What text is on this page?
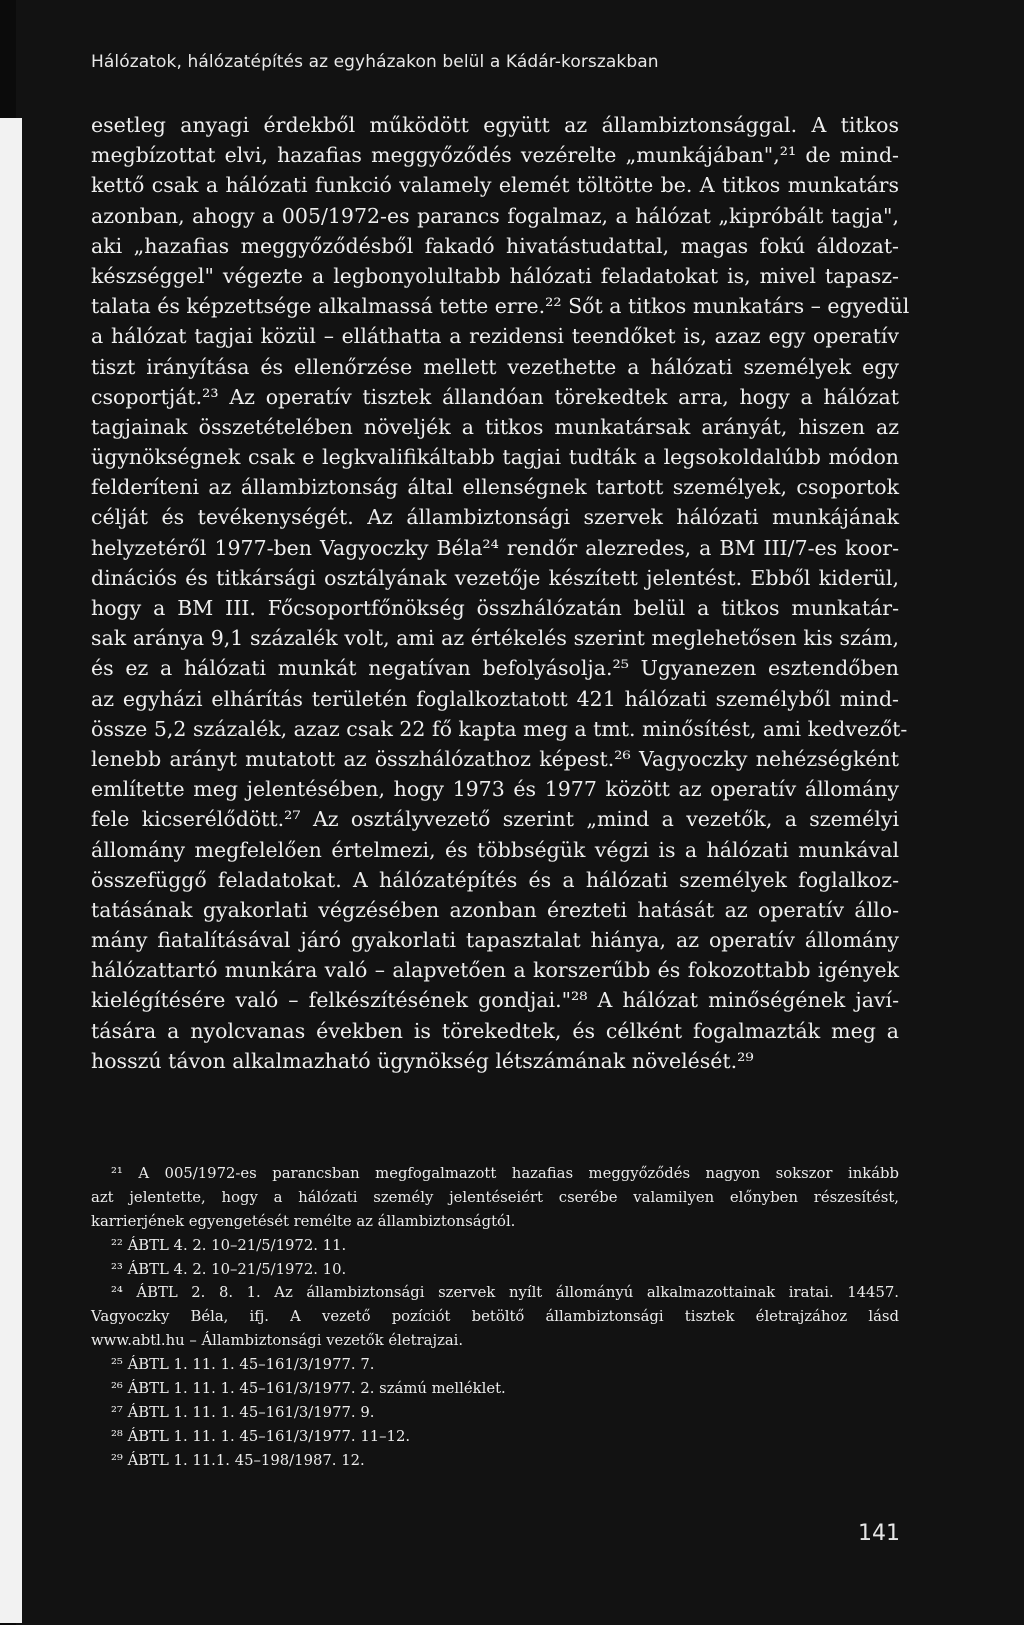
Hálózatok, hálózatépítés az egyházakon belül a Kádár-korszakban
esetleg anyagi érdekből működött együtt az állambiztonsággal. A titkos
megbízottat elvi, hazafias meggyőződés vezérelte „munkájában",²¹ de mind-
kettő csak a hálózati funkció valamely elemét töltötte be. A titkos munkatárs
azonban, ahogy a 005/1972-es parancs fogalmaz, a hálózat „kipróbált tagja",
aki „hazafias meggyőződésből fakadó hivatástudattal, magas fokú áldozat-
készséggel" végezte a legbonyolultabb hálózati feladatokat is, mivel tapasz-
talata és képzettsége alkalmassá tette erre.²² Sőt a titkos munkatárs – egyedül
a hálózat tagjai közül – elláthatta a rezidensi teendőket is, azaz egy operatív
tiszt irányítása és ellenőrzése mellett vezethette a hálózati személyek egy
csoportját.²³ Az operatív tisztek állandóan törekedtek arra, hogy a hálózat
tagjainak összetételében növeljék a titkos munkatársak arányát, hiszen az
ügynökségnek csak e legkvalifikáltabb tagjai tudták a legsokoldalúbb módon
felderíteni az állambiztonság által ellenségnek tartott személyek, csoportok
célját és tevékenységét. Az állambiztonsági szervek hálózati munkájának
helyzetéről 1977-ben Vagyoczky Béla²⁴ rendőr alezredes, a BM III/7-es koor-
dinációs és titkársági osztályának vezetője készített jelentést. Ebből kiderül,
hogy a BM III. Főcsoportfőnökség összhálózatán belül a titkos munkatár-
sak aránya 9,1 százalék volt, ami az értékelés szerint meglehetősen kis szám,
és ez a hálózati munkát negatívan befolyásolja.²⁵ Ugyanezen esztendőben
az egyházi elhárítás területén foglalkoztatott 421 hálózati személyből mind-
össze 5,2 százalék, azaz csak 22 fő kapta meg a tmt. minősítést, ami kedvezőt-
lenebb arányt mutatott az összhálózathoz képest.²⁶ Vagyoczky nehézségként
említette meg jelentésében, hogy 1973 és 1977 között az operatív állomány
fele kicserélődött.²⁷ Az osztályvezető szerint „mind a vezetők, a személyi
állomány megfelelően értelmezi, és többségük végzi is a hálózati munkával
összefüggő feladatokat. A hálózatépítés és a hálózati személyek foglalkoz-
tatásának gyakorlati végzésében azonban érezteti hatását az operatív állo-
mány fiatalításával járó gyakorlati tapasztalat hiánya, az operatív állomány
hálózattartó munkára való – alapvetően a korszerűbb és fokozottabb igények
kielégítésére való – felkészítésének gondjai."²⁸ A hálózat minőségének javí-
tására a nyolcvanas években is törekedtek, és célként fogalmazták meg a
hosszú távon alkalmazható ügynökség létszámának növelését.²⁹
²¹ A 005/1972-es parancsban megfogalmazott hazafias meggyőződés nagyon sokszor inkább
azt jelentette, hogy a hálózati személy jelentéseiért cserébe valamilyen előnyben részesítést,
karrierjének egyengetését remélte az állambiztonságtól.
²² ÁBTL 4. 2. 10–21/5/1972. 11.
²³ ÁBTL 4. 2. 10–21/5/1972. 10.
²⁴ ÁBTL 2. 8. 1. Az állambiztonsági szervek nyílt állományú alkalmazottainak iratai. 14457.
Vagyoczky Béla, ifj. A vezető pozíciót betöltő állambiztonsági tisztek életrajzához lásd
www.abtl.hu – Állambiztonsági vezetők életrajzai.
²⁵ ÁBTL 1. 11. 1. 45–161/3/1977. 7.
²⁶ ÁBTL 1. 11. 1. 45–161/3/1977. 2. számú melléklet.
²⁷ ÁBTL 1. 11. 1. 45–161/3/1977. 9.
²⁸ ÁBTL 1. 11. 1. 45–161/3/1977. 11–12.
²⁹ ÁBTL 1. 11.1. 45–198/1987. 12.
141
